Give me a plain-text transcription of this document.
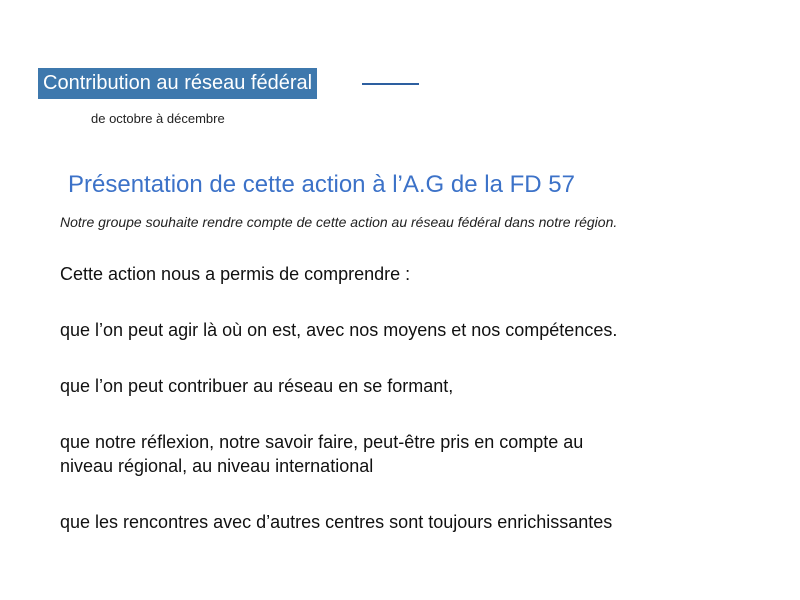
Contribution au réseau fédéral
de octobre à décembre
Présentation de cette action à l’A.G de la FD 57
Notre groupe souhaite rendre compte de cette action au réseau fédéral dans notre région.
Cette action nous a permis de comprendre :
que l’on peut agir là où on est, avec nos moyens et nos compétences.
que l’on peut contribuer au réseau en se formant,
que notre réflexion, notre savoir faire, peut-être pris en compte au
niveau régional, au niveau international
que les rencontres avec d’autres centres sont toujours enrichissantes
